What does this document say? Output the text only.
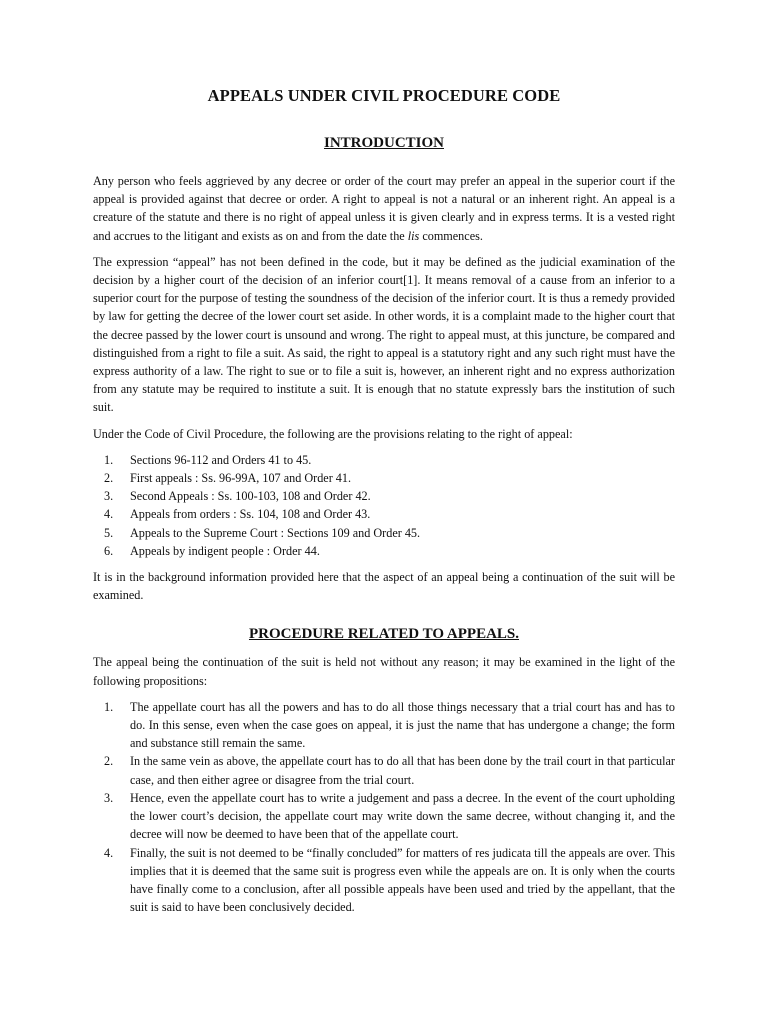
APPEALS UNDER CIVIL PROCEDURE CODE
INTRODUCTION

Any person who feels aggrieved by any decree or order of the court may prefer an appeal in the superior court if the appeal is provided against that decree or order. A right to appeal is not a natural or an inherent right. An appeal is a creature of the statute and there is no right of appeal unless it is given clearly and in express terms. It is a vested right and accrues to the litigant and exists as on and from the date the lis commences.

The expression “appeal” has not been defined in the code, but it may be defined as the judicial examination of the decision by a higher court of the decision of an inferior court[1]. It means removal of a cause from an inferior to a superior court for the purpose of testing the soundness of the decision of the inferior court. It is thus a remedy provided by law for getting the decree of the lower court set aside. In other words, it is a complaint made to the higher court that the decree passed by the lower court is unsound and wrong. The right to appeal must, at this juncture, be compared and distinguished from a right to file a suit. As said, the right to appeal is a statutory right and any such right must have the express authority of a law. The right to sue or to file a suit is, however, an inherent right and no express authorization from any statute may be required to institute a suit. It is enough that no statute expressly bars the institution of such suit.

Under the Code of Civil Procedure, the following are the provisions relating to the right of appeal:

1. Sections 96-112 and Orders 41 to 45.
2. First appeals : Ss. 96-99A, 107 and Order 41.
3. Second Appeals : Ss. 100-103, 108 and Order 42.
4. Appeals from orders : Ss. 104, 108 and Order 43.
5. Appeals to the Supreme Court : Sections 109 and Order 45.
6. Appeals by indigent people : Order 44.

It is in the background information provided here that the aspect of an appeal being a continuation of the suit will be examined.

PROCEDURE RELATED TO APPEALS.

The appeal being the continuation of the suit is held not without any reason; it may be examined in the light of the following propositions:

1. The appellate court has all the powers and has to do all those things necessary that a trial court has and has to do. In this sense, even when the case goes on appeal, it is just the name that has undergone a change; the form and substance still remain the same.
2. In the same vein as above, the appellate court has to do all that has been done by the trail court in that particular case, and then either agree or disagree from the trial court.
3. Hence, even the appellate court has to write a judgement and pass a decree. In the event of the court upholding the lower court’s decision, the appellate court may write down the same decree, without changing it, and the decree will now be deemed to have been that of the appellate court.
4. Finally, the suit is not deemed to be “finally concluded” for matters of res judicata till the appeals are over. This implies that it is deemed that the same suit is progress even while the appeals are on. It is only when the courts have finally come to a conclusion, after all possible appeals have been used and tried by the appellant, that the suit is said to have been conclusively decided.
